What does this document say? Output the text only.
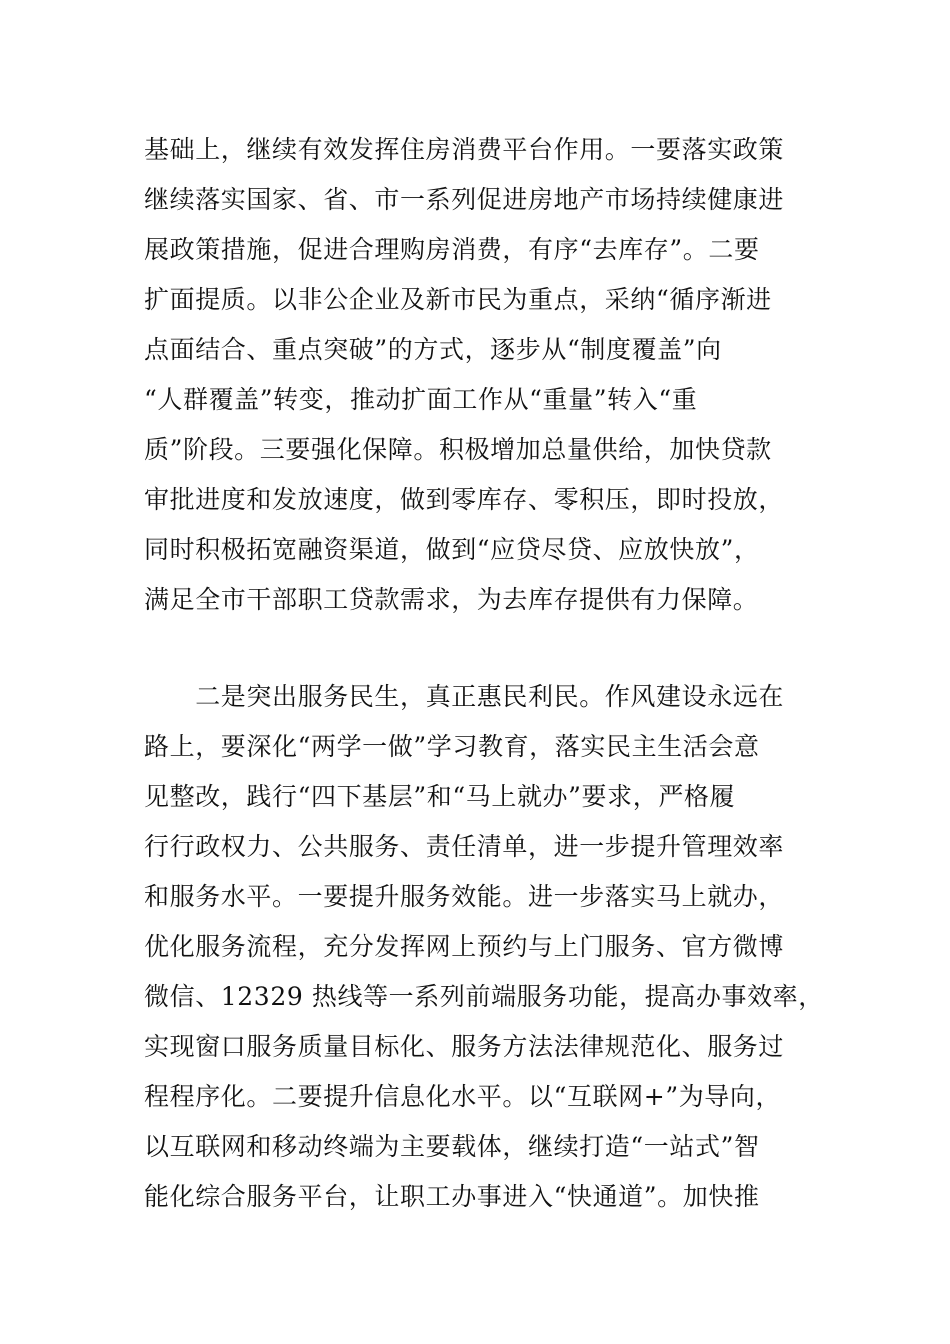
基础上，继续有效发挥住房消费平台作用。一要落实政策
继续落实国家、省、市一系列促进房地产市场持续健康进
展政策措施，促进合理购房消费，有序“去库存”。二要
扩面提质。以非公企业及新市民为重点，采纳“循序渐进
点面结合、重点突破”的方式，逐步从“制度覆盖”向
“人群覆盖”转变，推动扩面工作从“重量”转入“重
质”阶段。三要强化保障。积极增加总量供给，加快贷款
审批进度和发放速度，做到零库存、零积压，即时投放，
同时积极拓宽融资渠道，做到“应贷尽贷、应放快放”，
满足全市干部职工贷款需求，为去库存提供有力保障。
　　二是突出服务民生，真正惠民利民。作风建设永远在
路上，要深化“两学一做”学习教育，落实民主生活会意
见整改，践行“四下基层”和“马上就办”要求，严格履
行行政权力、公共服务、责任清单，进一步提升管理效率
和服务水平。一要提升服务效能。进一步落实马上就办，
优化服务流程，充分发挥网上预约与上门服务、官方微博
微信、12329 热线等一系列前端服务功能，提高办事效率，
实现窗口服务质量目标化、服务方法法律规范化、服务过
程程序化。二要提升信息化水平。以“互联网+”为导向，
以互联网和移动终端为主要载体，继续打造“一站式”智
能化综合服务平台，让职工办事进入“快通道”。加快推
